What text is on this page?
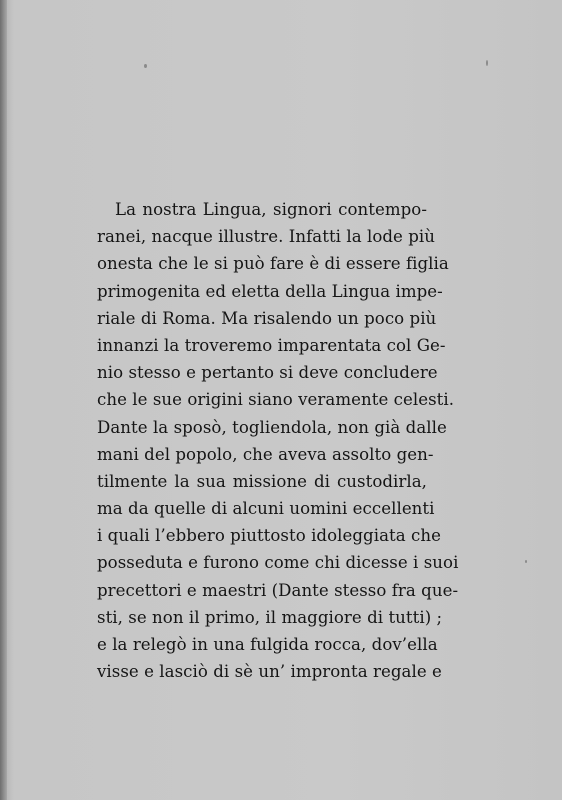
La nostra Lingua, signori contempo-
ranei, nacque illustre. Infatti la lode più
onesta che le si può fare è di essere figlia
primogenita ed eletta della Lingua impe-
riale di Roma. Ma risalendo un poco più
innanzi la troveremo imparentata col Ge-
nio stesso e pertanto si deve concludere
che le sue origini siano veramente celesti.
Dante la sposò, togliendola, non già dalle
mani del popolo, che aveva assolto gen-
tilmente la sua missione di custodirla,
ma da quelle di alcuni uomini eccellenti
i quali l’ebbero piuttosto idoleggiata che
posseduta e furono come chi dicesse i suoi
precettori e maestri (Dante stesso fra que-
sti, se non il primo, il maggiore di tutti) ;
e la relegò in una fulgida rocca, dov’ella
visse e lasciò di sè un’ impronta regale e
